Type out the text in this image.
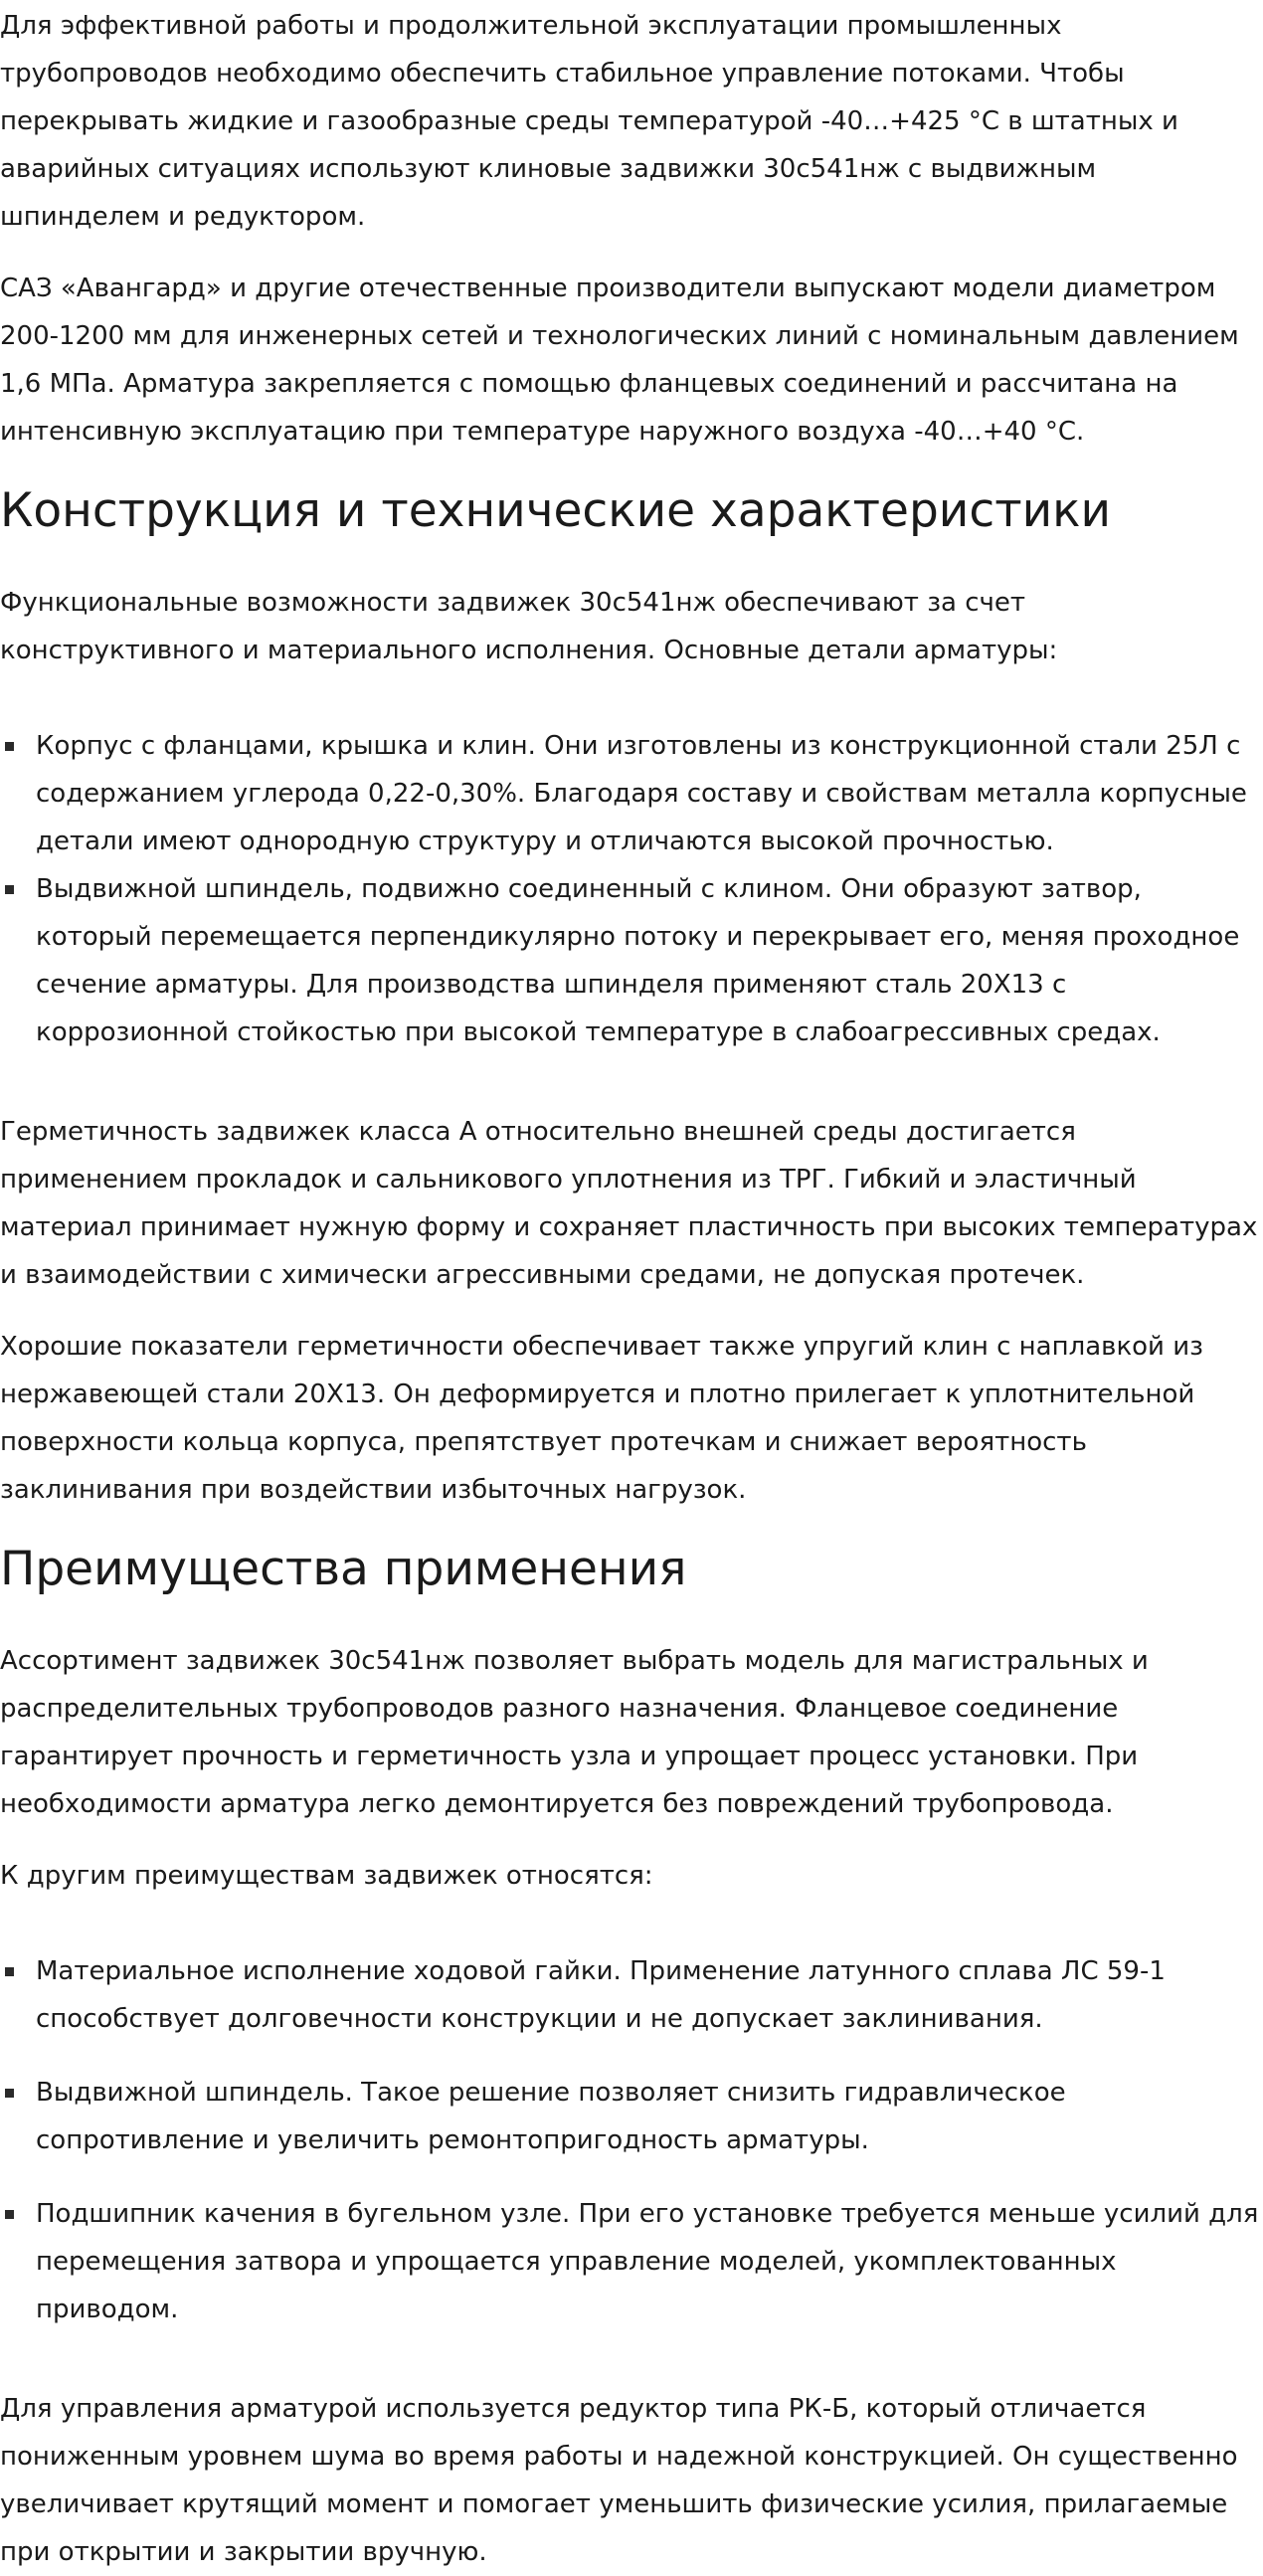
Для эффективной работы и продолжительной эксплуатации промышленных трубопроводов необходимо обеспечить стабильное управление потоками. Чтобы перекрывать жидкие и газообразные среды температурой -40…+425 °С в штатных и аварийных ситуациях используют клиновые задвижки 30с541нж с выдвижным шпинделем и редуктором.

САЗ «Авангард» и другие отечественные производители выпускают модели диаметром 200-1200 мм для инженерных сетей и технологических линий с номинальным давлением 1,6 МПа. Арматура закрепляется с помощью фланцевых соединений и рассчитана на интенсивную эксплуатацию при температуре наружного воздуха -40…+40 °С.

Конструкция и технические характеристики

Функциональные возможности задвижек 30с541нж обеспечивают за счет конструктивного и материального исполнения. Основные детали арматуры:

Корпус с фланцами, крышка и клин. Они изготовлены из конструкционной стали 25Л с содержанием углерода 0,22-0,30%. Благодаря составу и свойствам металла корпусные детали имеют однородную структуру и отличаются высокой прочностью.
Выдвижной шпиндель, подвижно соединенный с клином. Они образуют затвор, который перемещается перпендикулярно потоку и перекрывает его, меняя проходное сечение арматуры. Для производства шпинделя применяют сталь 20Х13 с коррозионной стойкостью при высокой температуре в слабоагрессивных средах.

Герметичность задвижек класса А относительно внешней среды достигается применением прокладок и сальникового уплотнения из ТРГ. Гибкий и эластичный материал принимает нужную форму и сохраняет пластичность при высоких температурах и взаимодействии с химически агрессивными средами, не допуская протечек.

Хорошие показатели герметичности обеспечивает также упругий клин с наплавкой из нержавеющей стали 20Х13. Он деформируется и плотно прилегает к уплотнительной поверхности кольца корпуса, препятствует протечкам и снижает вероятность заклинивания при воздействии избыточных нагрузок.

Преимущества применения

Ассортимент задвижек 30с541нж позволяет выбрать модель для магистральных и распределительных трубопроводов разного назначения. Фланцевое соединение гарантирует прочность и герметичность узла и упрощает процесс установки. При необходимости арматура легко демонтируется без повреждений трубопровода.

К другим преимуществам задвижек относятся:

Материальное исполнение ходовой гайки. Применение латунного сплава ЛС 59-1 способствует долговечности конструкции и не допускает заклинивания.
Выдвижной шпиндель. Такое решение позволяет снизить гидравлическое сопротивление и увеличить ремонтопригодность арматуры.
Подшипник качения в бугельном узле. При его установке требуется меньше усилий для перемещения затвора и упрощается управление моделей, укомплектованных приводом.

Для управления арматурой используется редуктор типа РК-Б, который отличается пониженным уровнем шума во время работы и надежной конструкцией. Он существенно увеличивает крутящий момент и помогает уменьшить физические усилия, прилагаемые при открытии и закрытии вручную.
